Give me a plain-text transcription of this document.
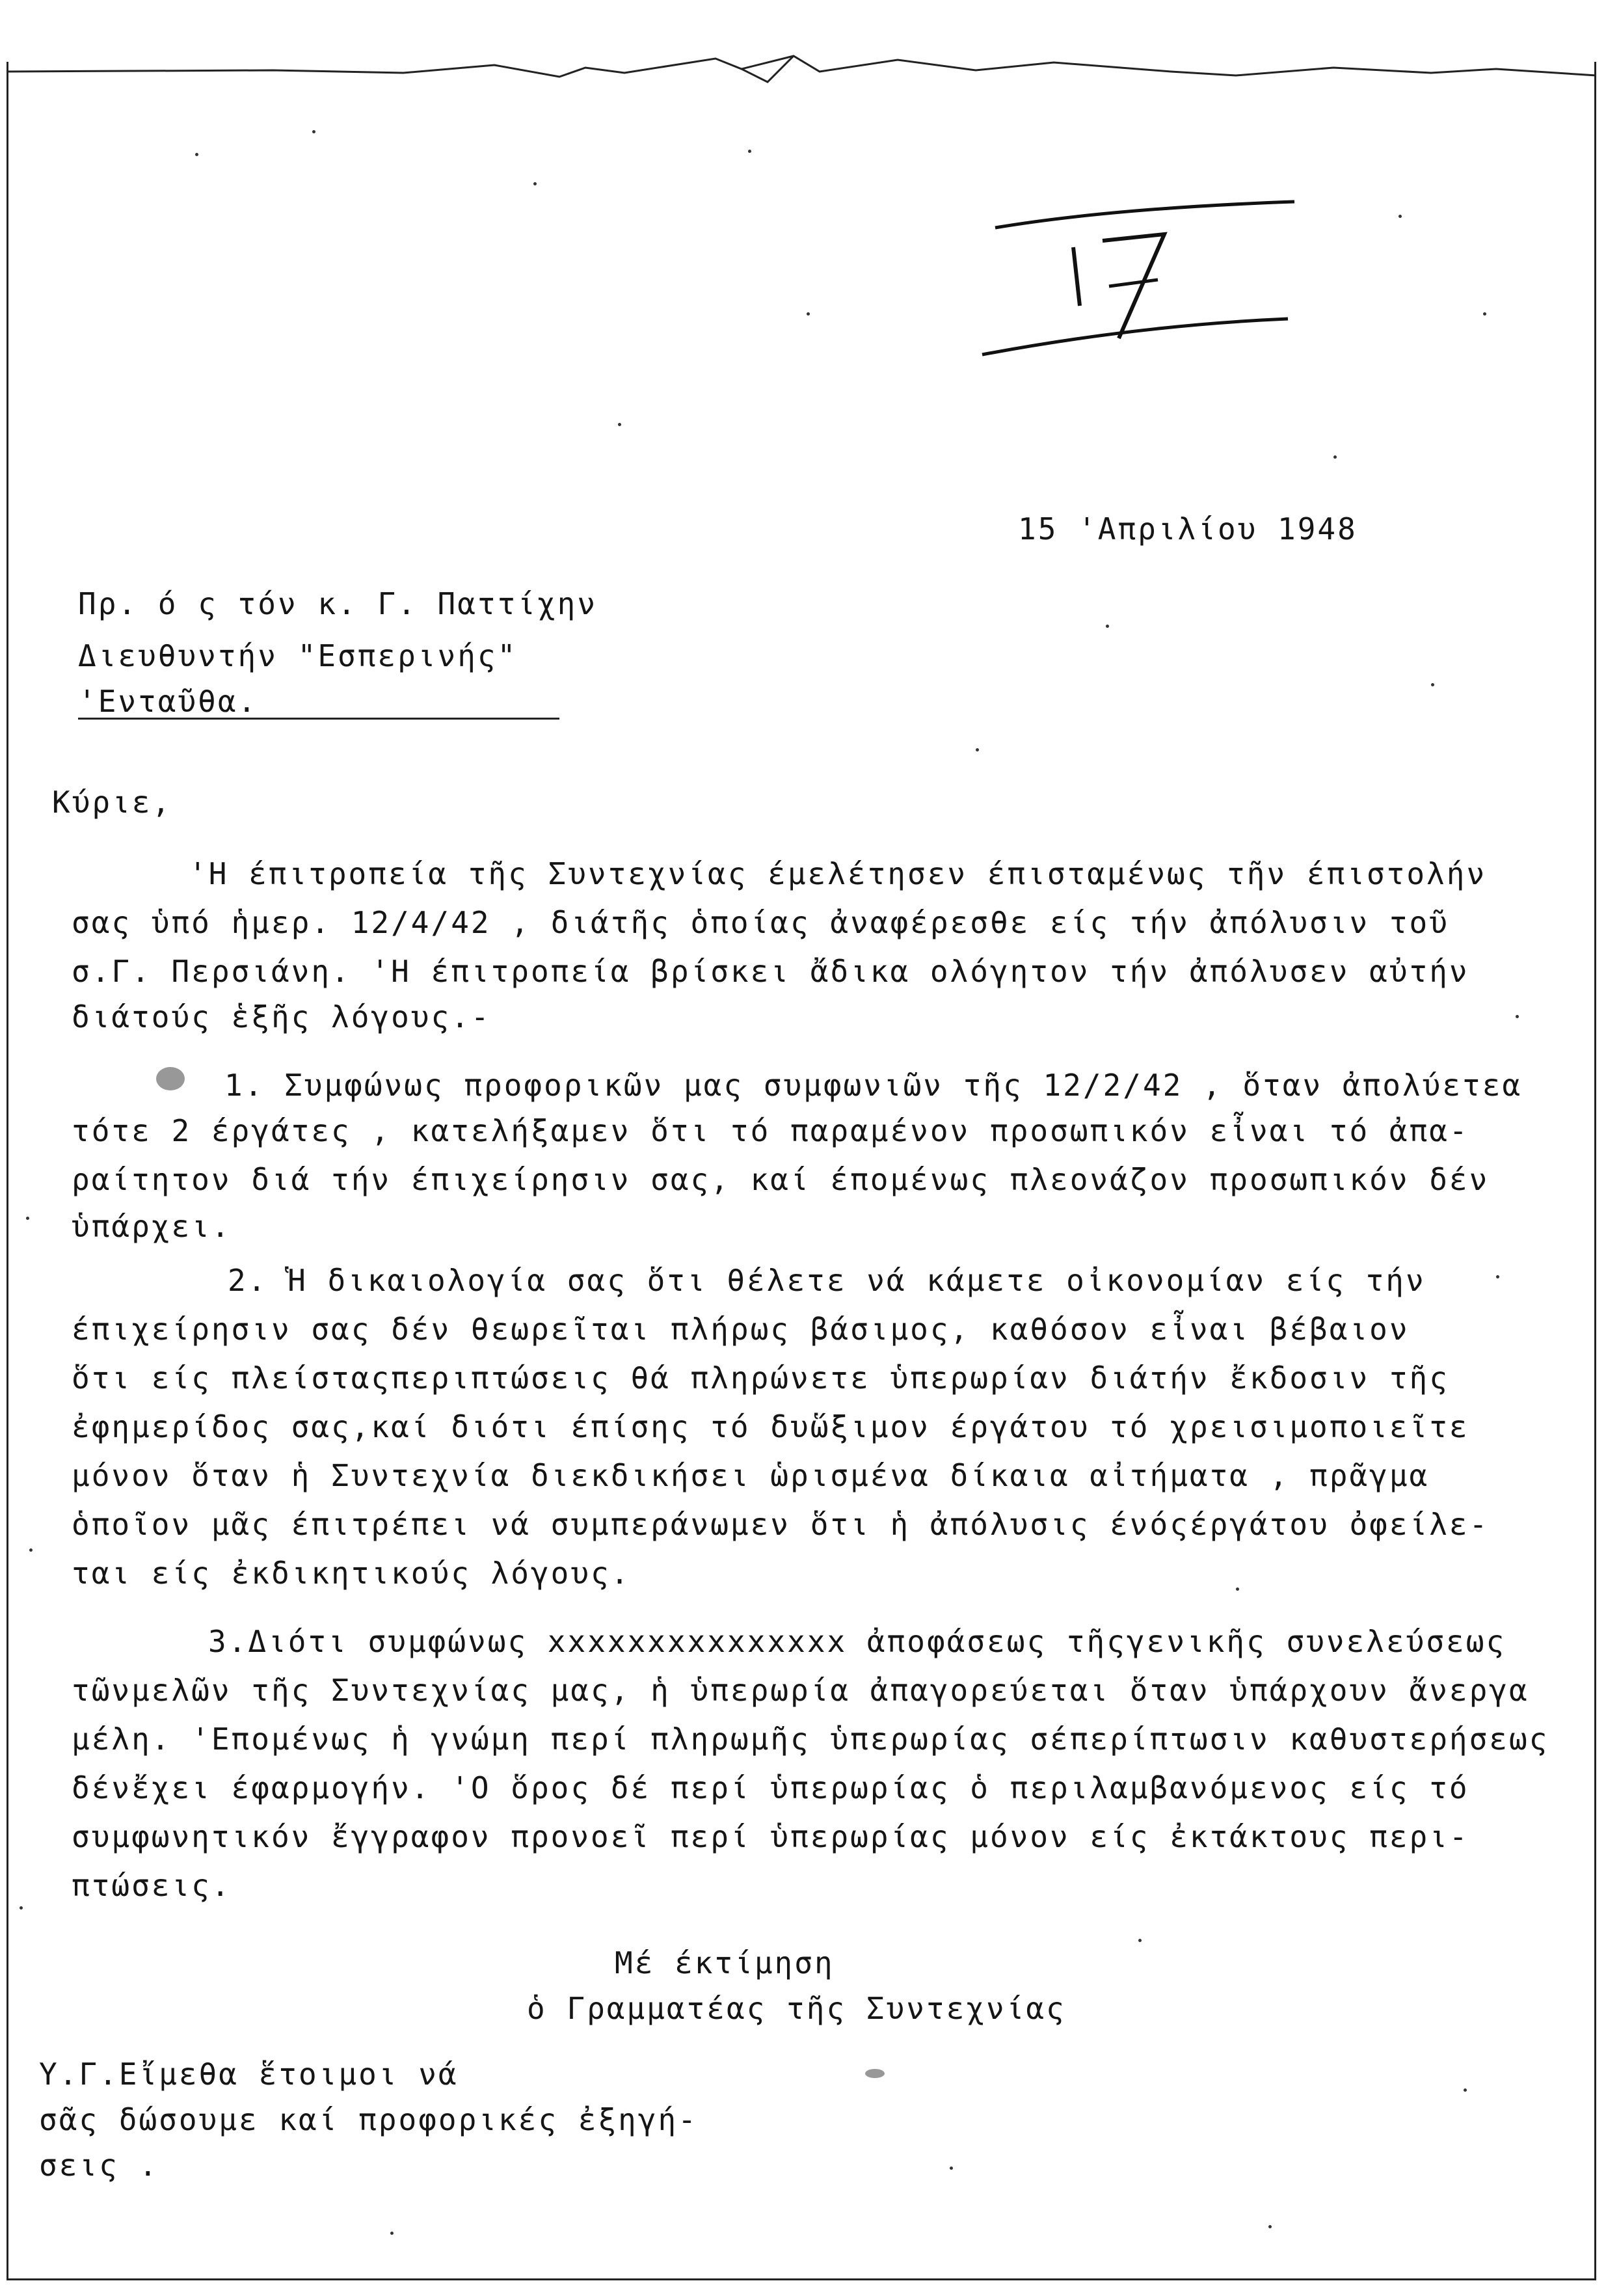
17
15 'Απριλίου 1948
Πρ. ό ς τόν κ. Γ. Παττίχην
Διευθυντήν "Εσπερινής"
'Ενταῦθα.
Κύριε,
'Η έπιτροπεία τῆς Συντεχνίας έμελέτησεν έπισταμένως τῆν έπιστολήν
σας ὑπό ἡμερ. 12/4/42 , διάτῆς ὁποίας ἀναφέρεσθε είς τήν ἀπόλυσιν τοῦ
σ.Γ. Περσιάνη. 'Η έπιτροπεία βρίσκει ἄδικα ολόγητον τήν ἀπόλυσεν αὐτήν
διάτούς ἑξῆς λόγους.-
1. Συμφώνως προφορικῶν μας συμφωνιῶν τῆς 12/2/42 , ὅταν ἀπολύετεα
τότε 2 έργάτες , κατελήξαμεν ὅτι τό παραμένον προσωπικόν εἶναι τό ἀπα-
ραίτητον διά τήν έπιχείρησιν σας, καί έπομένως πλεονάζον προσωπικόν δέν
ὑπάρχει.
2. Ἡ δικαιολογία σας ὅτι θέλετε νά κάμετε οἰκονομίαν είς τήν
έπιχείρησιν σας δέν θεωρεῖται πλήρως βάσιμος, καθόσον εἶναι βέβαιον
ὅτι είς πλείσταςπεριπτώσεις θά πληρώνετε ὑπερωρίαν διάτήν ἔκδοσιν τῆς
ἐφημερίδος σας,καί διότι έπίσης τό δυὥξιμον έργάτου τό χρεισιμοποιεῖτε
μόνον ὅταν ἡ Συντεχνία διεκδικήσει ὡρισμένα δίκαια αἰτήματα , πρᾶγμα
ὁποῖον μᾶς έπιτρέπει νά συμπεράνωμεν ὅτι ἡ ἀπόλυσις ένόςέργάτου ὀφείλε-
ται είς ἐκδικητικούς λόγους.
3.Διότι συμφώνως xxxxxxxxxxxxxxx ἀποφάσεως τῆςγενικῆς συνελεύσεως
τῶνμελῶν τῆς Συντεχνίας μας, ἡ ὑπερωρία ἀπαγορεύεται ὅταν ὑπάρχουν ἄνεργα
μέλη. 'Επομένως ἡ γνώμη περί πληρωμῆς ὑπερωρίας σέπερίπτωσιν καθυστερήσεως
δένἔχει έφαρμογήν. 'Ο ὅρος δέ περί ὑπερωρίας ὁ περιλαμβανόμενος είς τό
συμφωνητικόν ἔγγραφον προνοεῖ περί ὑπερωρίας μόνον είς ἐκτάκτους περι-
πτώσεις.
Μέ έκτίμηση
ὁ Γραμματέας τῆς Συντεχνίας
Υ.Γ.Εἴμεθα ἕτοιμοι νά
σᾶς δώσουμε καί προφορικές ἐξηγή-
σεις .
